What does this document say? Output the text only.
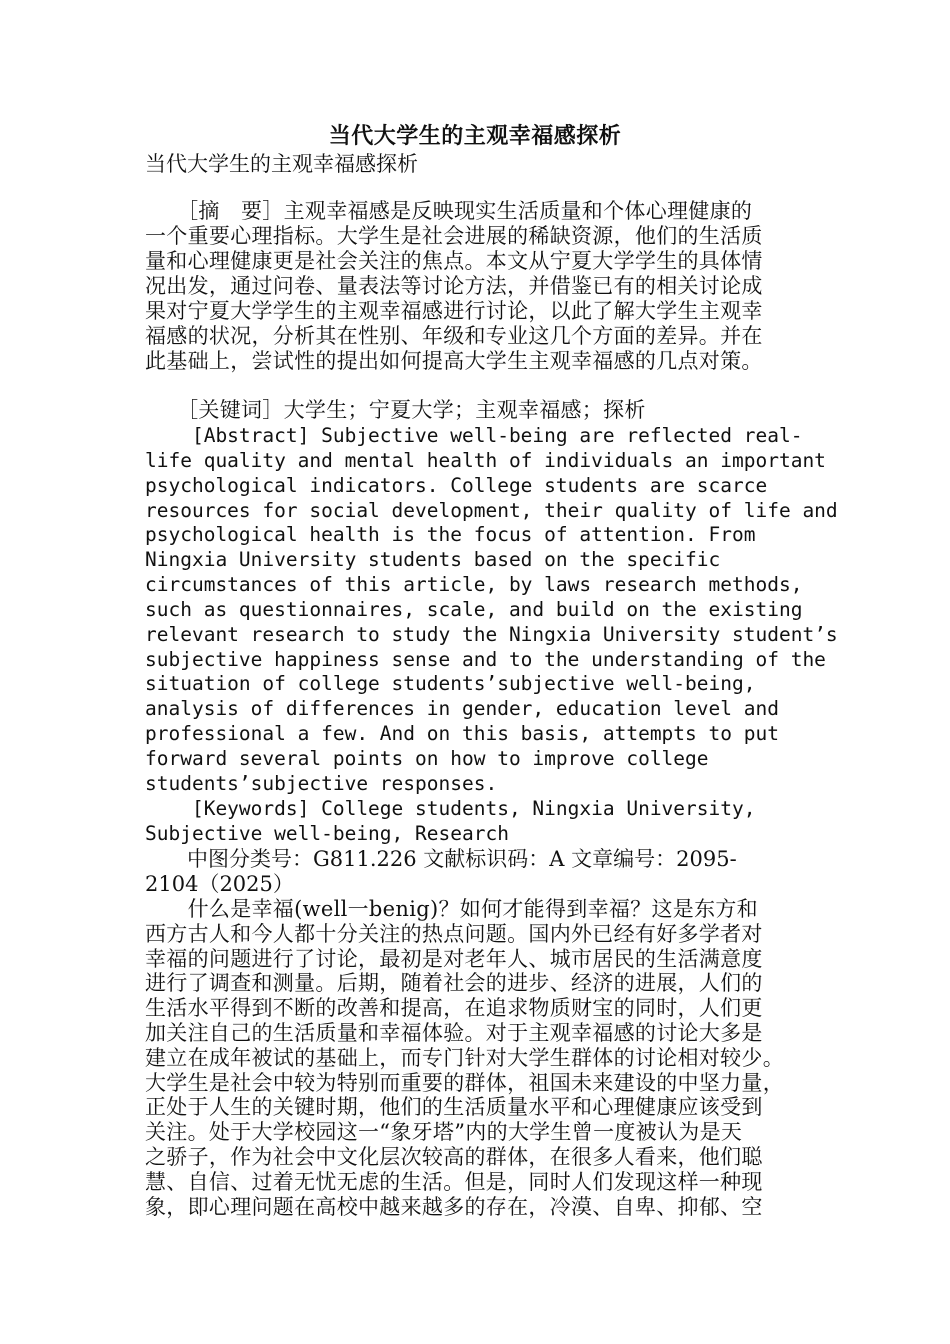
当代大学生的主观幸福感探析
当代大学生的主观幸福感探析
　　［摘　要］主观幸福感是反映现实生活质量和个体心理健康的
一个重要心理指标。大学生是社会进展的稀缺资源，他们的生活质
量和心理健康更是社会关注的焦点。本文从宁夏大学学生的具体情
况出发，通过问卷、量表法等讨论方法，并借鉴已有的相关讨论成
果对宁夏大学学生的主观幸福感进行讨论，以此了解大学生主观幸
福感的状况，分析其在性别、年级和专业这几个方面的差异。并在
此基础上，尝试性的提出如何提高大学生主观幸福感的几点对策。
　　［关键词］大学生；宁夏大学；主观幸福感；探析
[Abstract] Subjective well-being are reflected real-
life quality and mental health of individuals an important
psychological indicators. College students are scarce
resources for social development, their quality of life and
psychological health is the focus of attention. From
Ningxia University students based on the specific
circumstances of this article, by laws research methods,
such as questionnaires, scale, and build on the existing
relevant research to study the Ningxia University student’s
subjective happiness sense and to the understanding of the
situation of college students’subjective well-being,
analysis of differences in gender, education level and
professional a few. And on this basis, attempts to put
forward several points on how to improve college
students’subjective responses.
[Keywords] College students, Ningxia University,
Subjective well-being, Research
　　中图分类号：G811.226 文献标识码：A 文章编号：2095-
2104（2025）
　　什么是幸福(well一benig)？如何才能得到幸福？这是东方和
西方古人和今人都十分关注的热点问题。国内外已经有好多学者对
幸福的问题进行了讨论，最初是对老年人、城市居民的生活满意度
进行了调查和测量。后期，随着社会的进步、经济的进展，人们的
生活水平得到不断的改善和提高，在追求物质财宝的同时，人们更
加关注自己的生活质量和幸福体验。对于主观幸福感的讨论大多是
建立在成年被试的基础上，而专门针对大学生群体的讨论相对较少。
大学生是社会中较为特别而重要的群体，祖国未来建设的中坚力量，
正处于人生的关键时期，他们的生活质量水平和心理健康应该受到
关注。处于大学校园这一“象牙塔”内的大学生曾一度被认为是天
之骄子，作为社会中文化层次较高的群体，在很多人看来，他们聪
慧、自信、过着无忧无虑的生活。但是，同时人们发现这样一种现
象，即心理问题在高校中越来越多的存在，冷漠、自卑、抑郁、空
